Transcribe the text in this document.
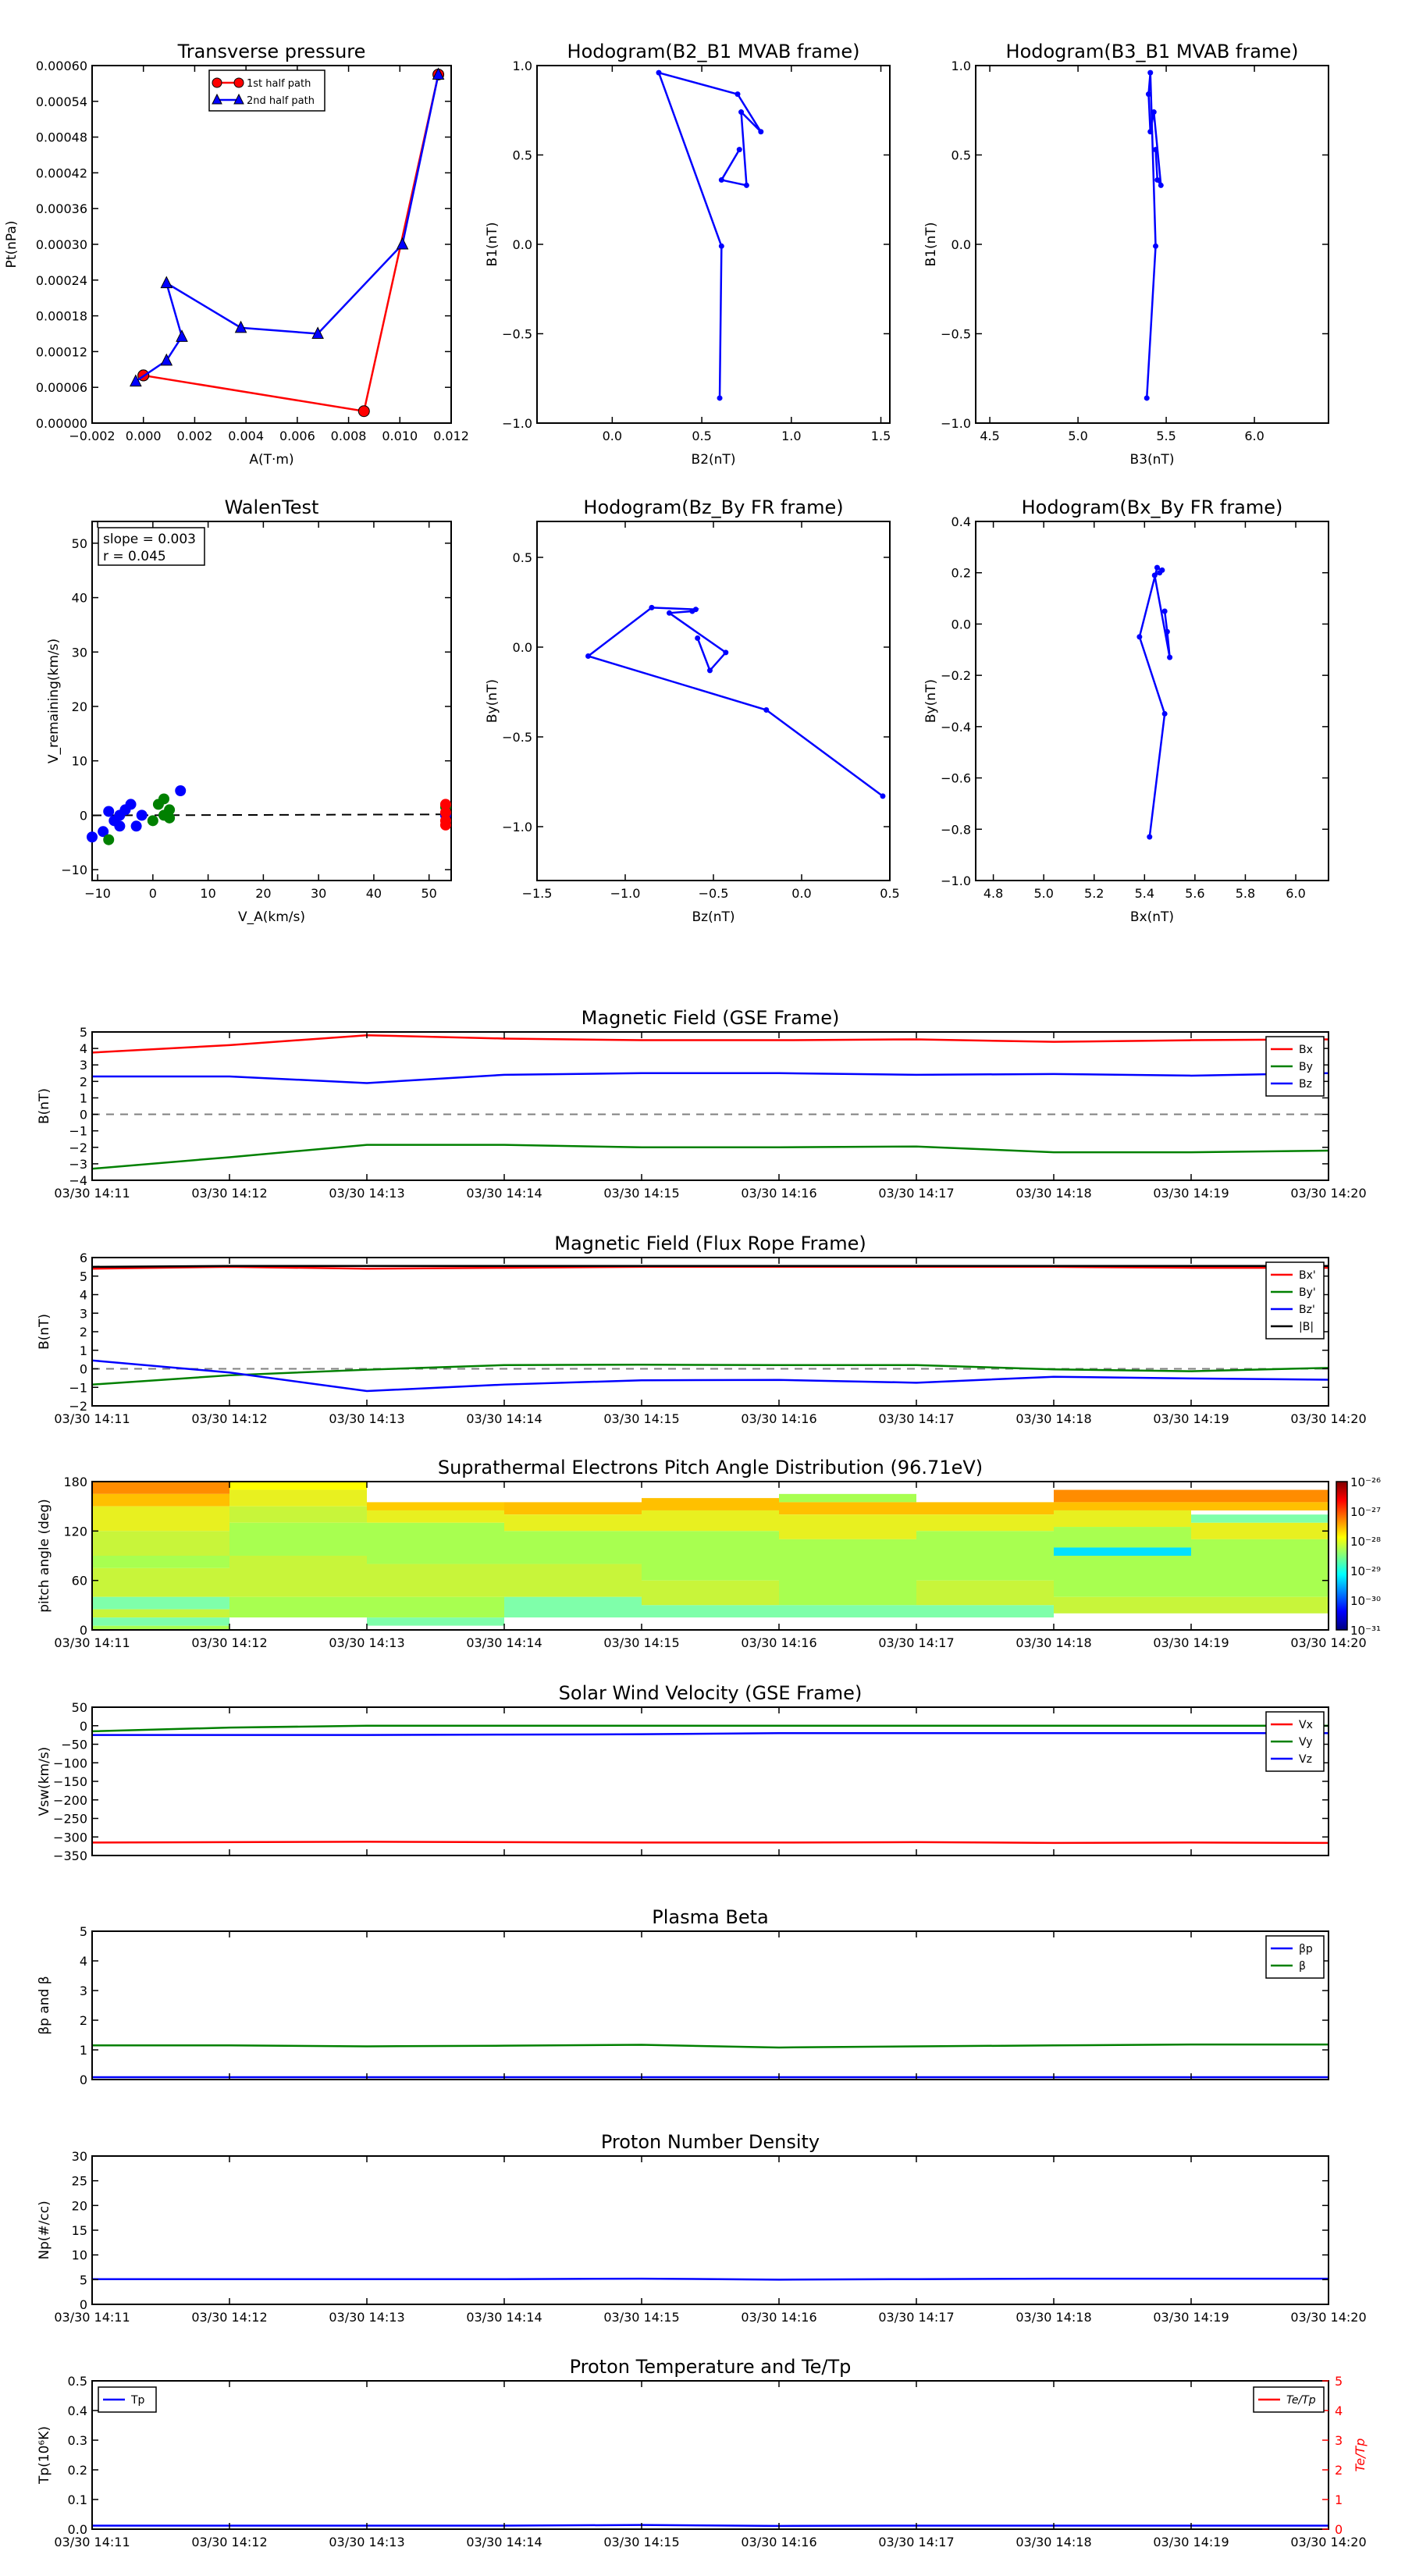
Transverse pressure
−0.002 0.000 0.002 0.004 0.006 0.008 0.010 0.012
0.00000
0.00006
0.00012
0.00018
0.00024
0.00030
0.00036
0.00042
0.00048
0.00054
0.00060
A(T·m)
Pt(nPa)
1st half path
2nd half path
Hodogram(B2_B1 MVAB frame)
0.0	0.5	1.0	1.5
−1.0
−0.5
0.0
0.5
1.0
B2(nT)
B1(nT)
Hodogram(B3_B1 MVAB frame)
4.5	5.0	5.5	6.0
−1.0
−0.5
0.0
0.5
1.0
B3(nT)
B1(nT)
WalenTest
−10	0	10	20	30	40	50
−10
0
10
20
30
40
50
V_A(km/s)
V_remaining(km/s)
slope = 0.003
r = 0.045
Hodogram(Bz_By FR frame)
−1.5	−1.0	−0.5	0.0	0.5
−1.0
−0.5
0.0
0.5
Bz(nT)
By(nT)
Hodogram(Bx_By FR frame)
4.8 5.0 5.2 5.4 5.6 5.8 6.0
−1.0
−0.8
−0.6
−0.4
−0.2
0.0
0.2
0.4
Bx(nT)
By(nT)
Magnetic Field (GSE Frame)
03/30 14:11	03/30 14:12	03/30 14:13	03/30 14:14	03/30 14:15	03/30 14:16	03/30 14:17	03/30 14:18	03/30 14:19	03/30 14:20
−4
−3
−2
−1
0
1
2
3
4
5
B(nT)
Bx
By
Bz
Magnetic Field (Flux Rope Frame)
03/30 14:11	03/30 14:12	03/30 14:13	03/30 14:14	03/30 14:15	03/30 14:16	03/30 14:17	03/30 14:18	03/30 14:19	03/30 14:20
−2
−1
0
1
2
3
4
5
6
B(nT)
Bx'
By'
Bz'
|B|
Suprathermal Electrons Pitch Angle Distribution (96.71eV)
10⁻²⁶
10⁻²⁷
10⁻²⁸
10⁻²⁹
10⁻³⁰
10⁻³¹
03/30 14:11	03/30 14:12	03/30 14:13	03/30 14:14	03/30 14:15	03/30 14:16	03/30 14:17	03/30 14:18	03/30 14:19	03/30 14:20
0
60
120
180
pitch angle (deg)
Solar Wind Velocity (GSE Frame)
−350
−300
−250
−200
−150
−100
−50
0
50
Vsw(km/s)
Vx
Vy
Vz
Plasma Beta
0
1
2
3
4
5
βp and β
βp
β
Proton Number Density
03/30 14:11	03/30 14:12	03/30 14:13	03/30 14:14	03/30 14:15	03/30 14:16	03/30 14:17	03/30 14:18	03/30 14:19	03/30 14:20
0
5
10
15
20
25
30
Np(#/cc)
Proton Temperature and Te/Tp
03/30 14:11	03/30 14:12	03/30 14:13	03/30 14:14	03/30 14:15	03/30 14:16	03/30 14:17	03/30 14:18	03/30 14:19	03/30 14:20
0.0
0.1
0.2
0.3
0.4
0.5
0
1
2
3
4
5
Te/Tp
Tp(10⁶K)
Tp	Te/Tp
